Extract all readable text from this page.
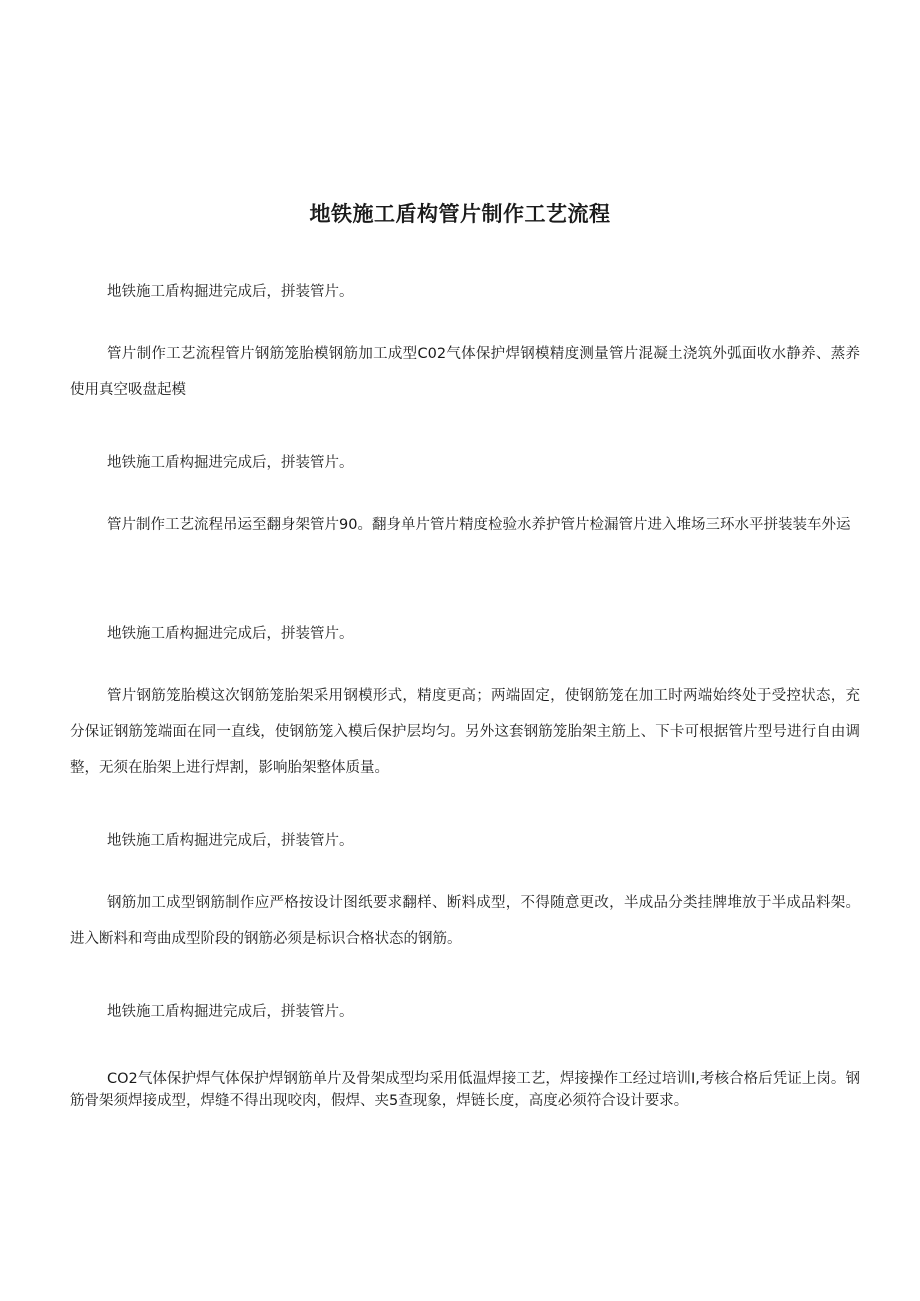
地铁施工盾构管片制作工艺流程

地铁施工盾构掘进完成后，拼装管片。

管片制作工艺流程管片钢筋笼胎模钢筋加工成型C02气体保护焊钢模精度测量管片混凝土浇筑外弧面收水静养、蒸养使用真空吸盘起模

地铁施工盾构掘进完成后，拼装管片。

管片制作工艺流程吊运至翻身架管片90。翻身单片管片精度检验水养护管片检漏管片进入堆场三环水平拼装装车外运

地铁施工盾构掘进完成后，拼装管片。

管片钢筋笼胎模这次钢筋笼胎架采用钢模形式，精度更高；两端固定，使钢筋笼在加工时两端始终处于受控状态，充分保证钢筋笼端面在同一直线，使钢筋笼入模后保护层均匀。另外这套钢筋笼胎架主筋上、下卡可根据管片型号进行自由调整，无须在胎架上进行焊割，影响胎架整体质量。

地铁施工盾构掘进完成后，拼装管片。

钢筋加工成型钢筋制作应严格按设计图纸要求翻样、断料成型，不得随意更改，半成品分类挂牌堆放于半成品料架。进入断料和弯曲成型阶段的钢筋必须是标识合格状态的钢筋。

地铁施工盾构掘进完成后，拼装管片。

CO2气体保护焊气体保护焊钢筋单片及骨架成型均采用低温焊接工艺，焊接操作工经过培训I,考核合格后凭证上岗。钢筋骨架须焊接成型，焊缝不得出现咬肉，假焊、夹5查现象，焊链长度，高度必须符合设计要求。
